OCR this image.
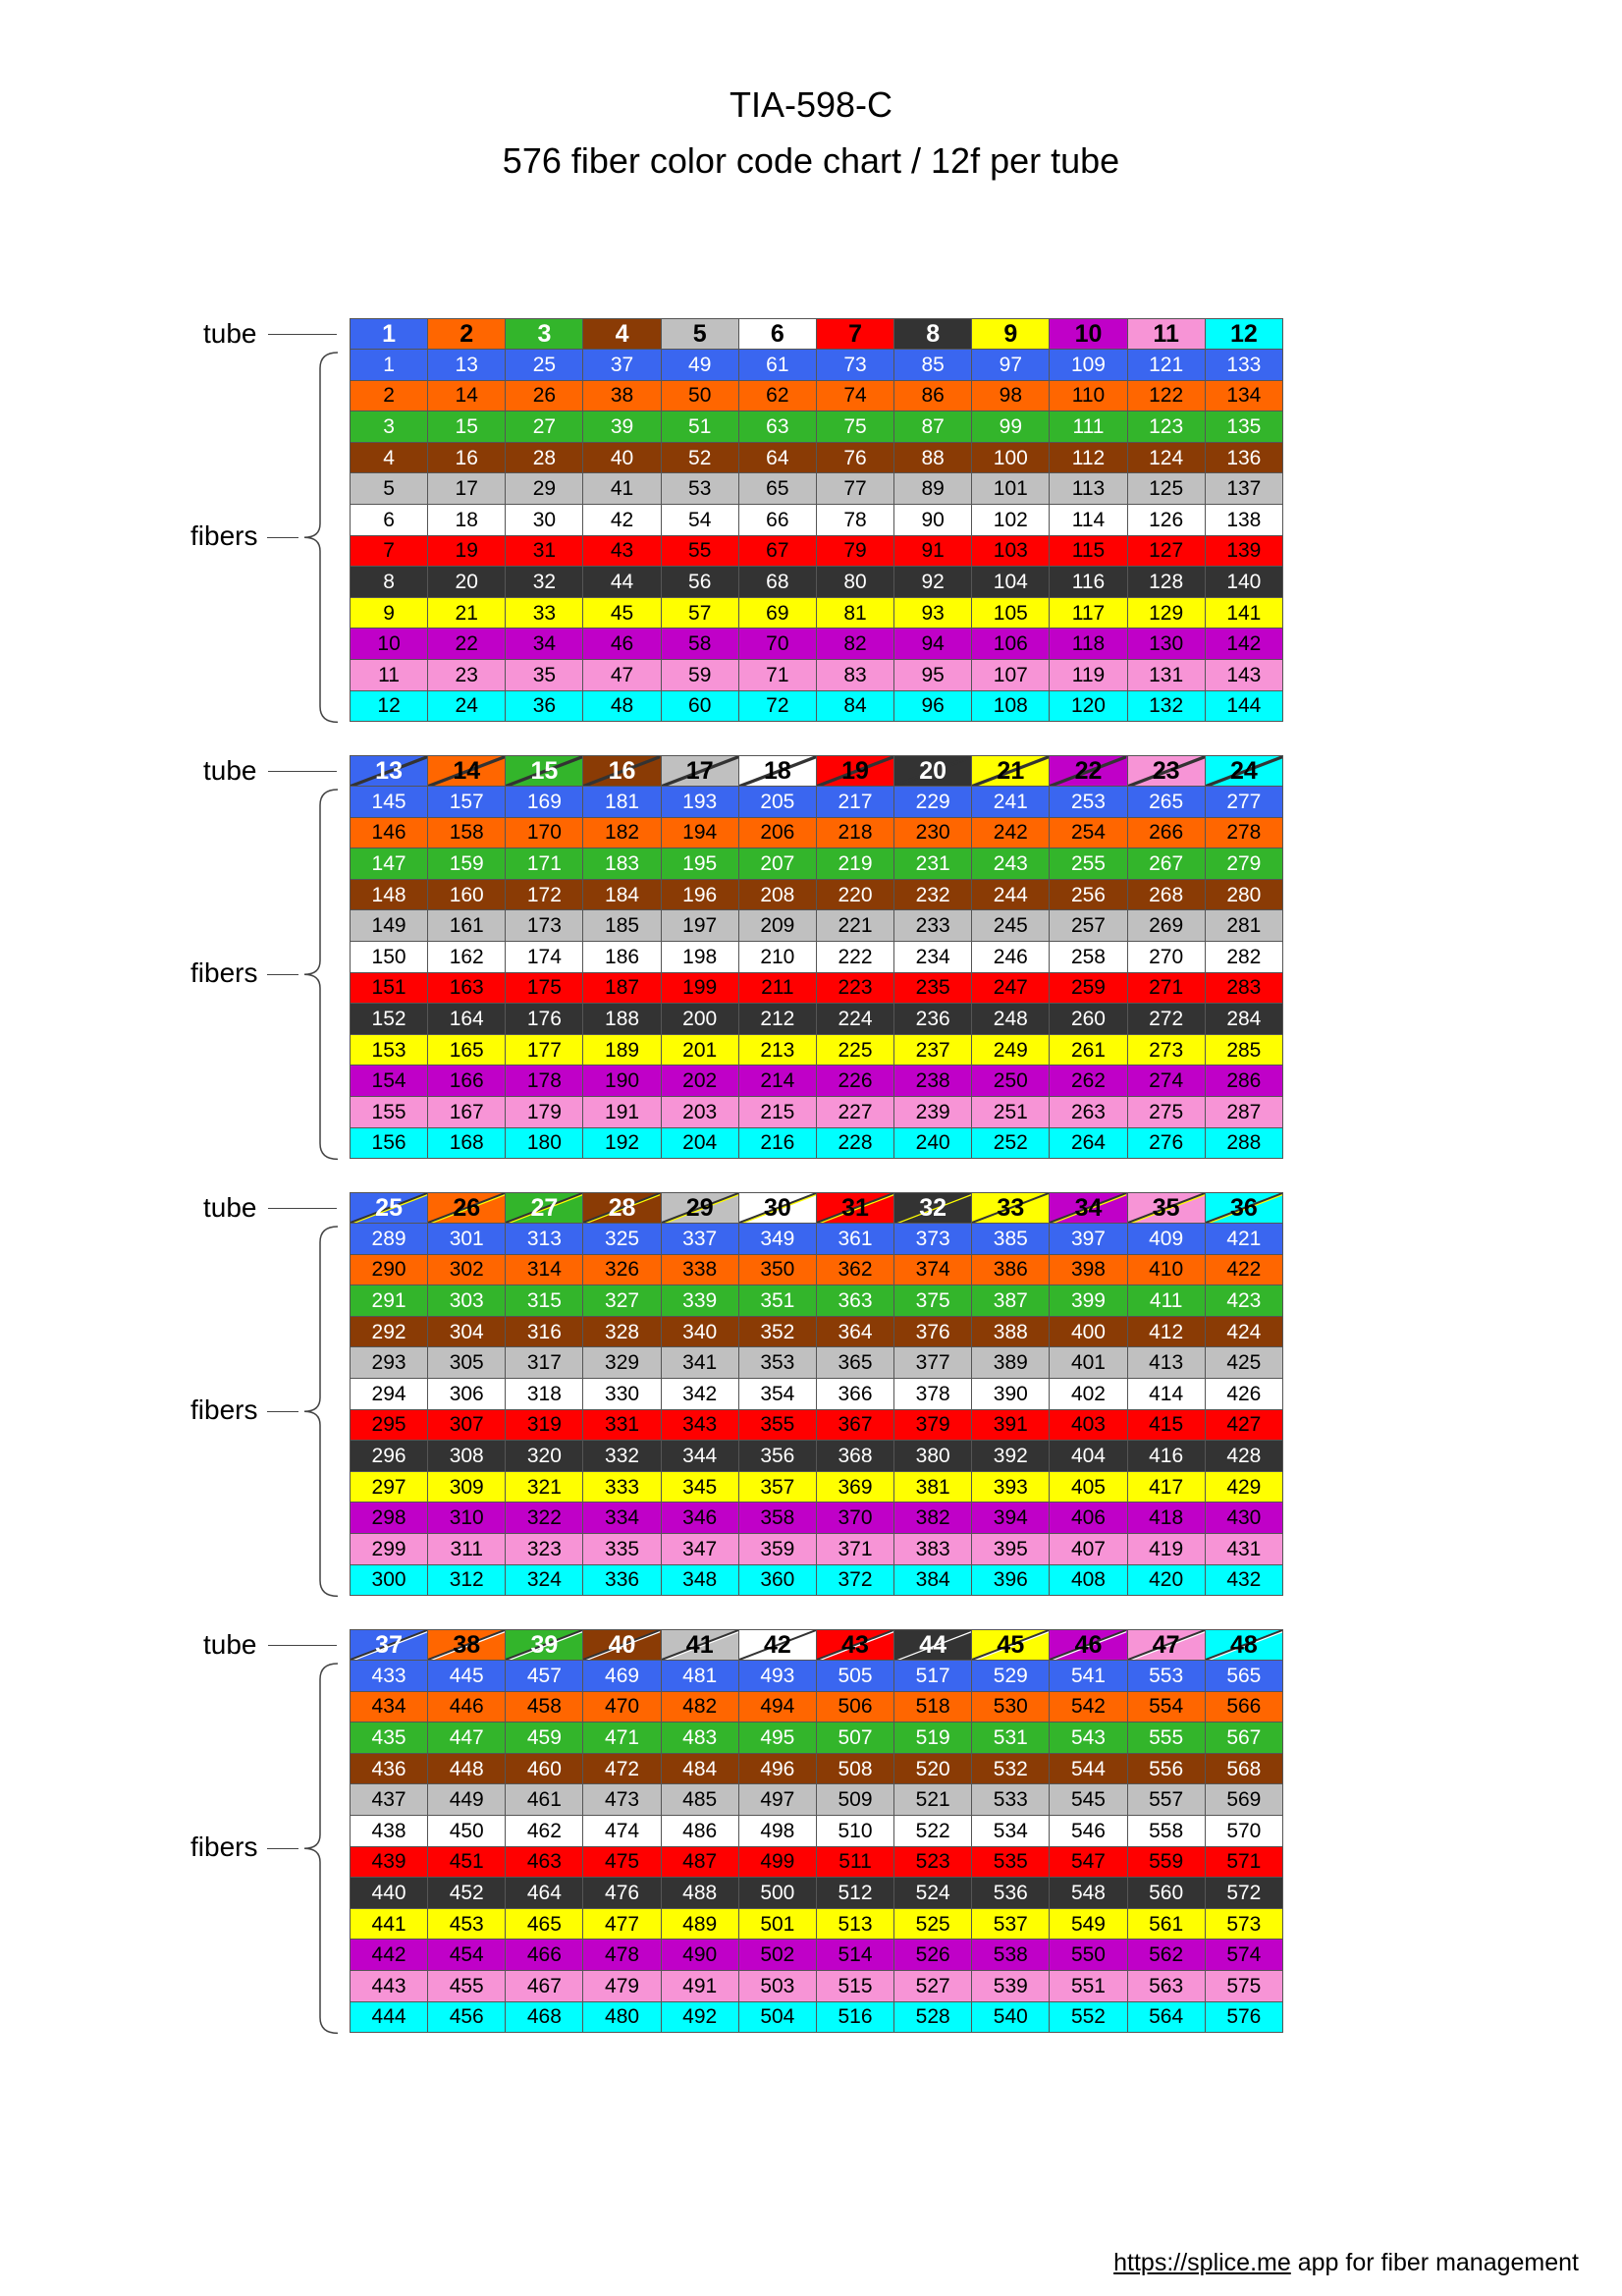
TIA-598-C
576 fiber color code chart / 12f per tube
tube
fibers
1	2	3	4	5	6	7	8	9	10	11	12
1	13	25	37	49	61	73	85	97	109	121	133
2	14	26	38	50	62	74	86	98	110	122	134
3	15	27	39	51	63	75	87	99	111	123	135
4	16	28	40	52	64	76	88	100	112	124	136
5	17	29	41	53	65	77	89	101	113	125	137
6	18	30	42	54	66	78	90	102	114	126	138
7	19	31	43	55	67	79	91	103	115	127	139
8	20	32	44	56	68	80	92	104	116	128	140
9	21	33	45	57	69	81	93	105	117	129	141
10	22	34	46	58	70	82	94	106	118	130	142
11	23	35	47	59	71	83	95	107	119	131	143
12	24	36	48	60	72	84	96	108	120	132	144
tube
fibers
13	14	15	16	17	18	19	20	21	22	23	24
145	157	169	181	193	205	217	229	241	253	265	277
146	158	170	182	194	206	218	230	242	254	266	278
147	159	171	183	195	207	219	231	243	255	267	279
148	160	172	184	196	208	220	232	244	256	268	280
149	161	173	185	197	209	221	233	245	257	269	281
150	162	174	186	198	210	222	234	246	258	270	282
151	163	175	187	199	211	223	235	247	259	271	283
152	164	176	188	200	212	224	236	248	260	272	284
153	165	177	189	201	213	225	237	249	261	273	285
154	166	178	190	202	214	226	238	250	262	274	286
155	167	179	191	203	215	227	239	251	263	275	287
156	168	180	192	204	216	228	240	252	264	276	288
tube
fibers
25	26	27	28	29	30	31	32	33	34	35	36
289	301	313	325	337	349	361	373	385	397	409	421
290	302	314	326	338	350	362	374	386	398	410	422
291	303	315	327	339	351	363	375	387	399	411	423
292	304	316	328	340	352	364	376	388	400	412	424
293	305	317	329	341	353	365	377	389	401	413	425
294	306	318	330	342	354	366	378	390	402	414	426
295	307	319	331	343	355	367	379	391	403	415	427
296	308	320	332	344	356	368	380	392	404	416	428
297	309	321	333	345	357	369	381	393	405	417	429
298	310	322	334	346	358	370	382	394	406	418	430
299	311	323	335	347	359	371	383	395	407	419	431
300	312	324	336	348	360	372	384	396	408	420	432
tube
fibers
37	38	39	40	41	42	43	44	45	46	47	48
433	445	457	469	481	493	505	517	529	541	553	565
434	446	458	470	482	494	506	518	530	542	554	566
435	447	459	471	483	495	507	519	531	543	555	567
436	448	460	472	484	496	508	520	532	544	556	568
437	449	461	473	485	497	509	521	533	545	557	569
438	450	462	474	486	498	510	522	534	546	558	570
439	451	463	475	487	499	511	523	535	547	559	571
440	452	464	476	488	500	512	524	536	548	560	572
441	453	465	477	489	501	513	525	537	549	561	573
442	454	466	478	490	502	514	526	538	550	562	574
443	455	467	479	491	503	515	527	539	551	563	575
444	456	468	480	492	504	516	528	540	552	564	576
https://splice.me app for fiber management
